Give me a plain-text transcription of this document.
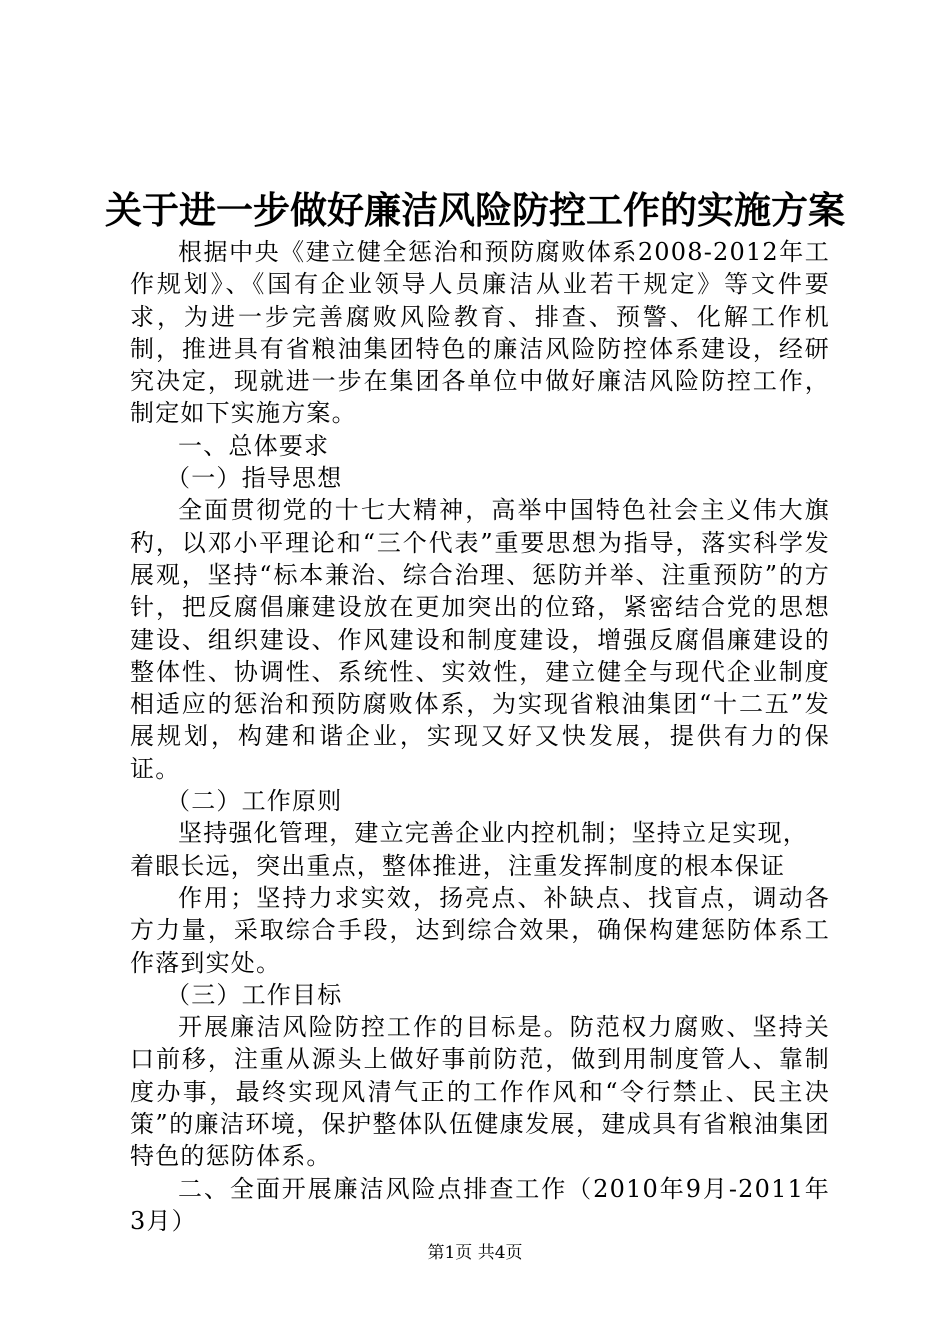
关于进一步做好廉洁风险防控工作的实施方案

根据中央《建立健全惩治和预防腐败体系2008-2012年工作规划》、《国有企业领导人员廉洁从业若干规定》等文件要求，为进一步完善腐败风险教育、排查、预警、化解工作机制，推进具有省粮油集团特色的廉洁风险防控体系建设，经研究决定，现就进一步在集团各单位中做好廉洁风险防控工作，制定如下实施方案。

一、总体要求

（一）指导思想

全面贯彻党的十七大精神，高举中国特色社会主义伟大旗䄪，以邓小平理论和“三个代表”重要思想为指导，落实科学发展观，坚持“标本兼治、综合治理、惩防并举、注重预防”的方针，把反腐倡廉建设放在更加突出的位臵，紧密结合党的思想建设、组织建设、作风建设和制度建设，增强反腐倡廉建设的整体性、协调性、系统性、实效性，建立健全与现代企业制度相适应的惩治和预防腐败体系，为实现省粮油集团“十二五”发展规划，构建和谐企业，实现又好又快发展，提供有力的保证。

（二）工作原则

坚持强化管理，建立完善企业内控机制；坚持立足实现，着眼长远，突出重点，整体推进，注重发挥制度的根本保证

作用；坚持力求实效，扬亮点、补缺点、找盲点，调动各方力量，采取综合手段，达到综合效果，确保构建惩防体系工作落到实处。

（三）工作目标

开展廉洁风险防控工作的目标是。防范权力腐败、坚持关口前移，注重从源头上做好事前防范，做到用制度管人、靠制度办事，最终实现风清气正的工作作风和“令行禁止、民主决策”的廉洁环境，保护整体队伍健康发展，建成具有省粮油集团特色的惩防体系。

二、全面开展廉洁风险点排查工作（2010年9月-2011年3月）

第1页 共4页
